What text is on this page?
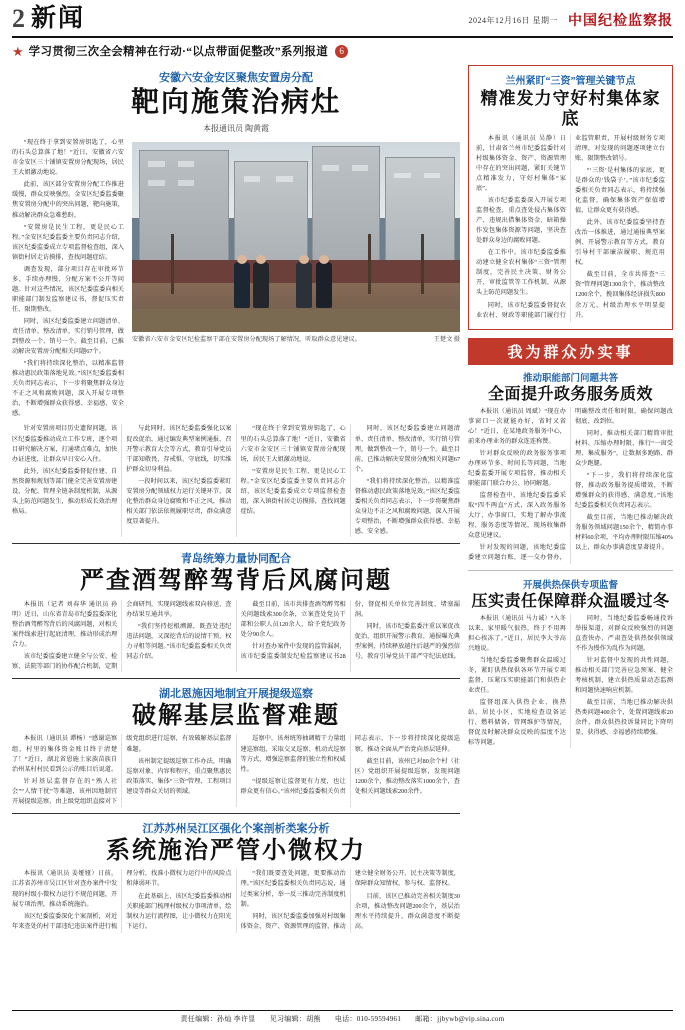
2 新闻	2024年12月16日 星期一 中国纪检监察报
★ 学习贯彻三次全会精神在行动·“以点带面促整改”系列报道	6
安徽六安金安区聚焦安置房分配
靶向施策治病灶
本报通讯员 陶黄霞

“现在终于拿到安置房钥匙了，心里的石头总算落了地！”近日，安徽省六安市金安区三十铺镇安置房分配现场，居民王大姐激动地说。

此前，该区部分安置房分配工作推进缓慢，群众反映强烈。金安区纪委监委聚焦安置房分配中的突出问题，靶向施策，推动解决群众急难愁盼。

“安置房是民生工程，更是民心工程。”金安区纪委监委主要负责同志介绍，该区纪委监委成立专项监督检查组，深入镇街村居走访摸排，查找问题症结。

调查发现，部分项目存在审批环节多、手续办理慢、分配方案不公开等问题。针对这些情况，该区纪委监委向相关职能部门制发监察建议书，督促压实责任、限期整改。

同时，该区纪委监委建立问题清单、责任清单、整改清单，实行销号管理，做到整改一个、销号一个。截至目前，已推动解决安置房分配相关问题67个。

“我们将持续深化整治，以精准监督推动惠民政策落地见效。”该区纪委监委相关负责同志表示，下一步将聚焦群众身边不正之风和腐败问题，深入开展专项整治，不断增强群众获得感、幸福感、安全感。

安徽省六安市金安区纪检监察干部在安置房分配现场了解情况，听取群众意见建议。	王楚文 摄

针对安置房项目历史遗留问题，该区纪委监委推动成立工作专班，逐个项目研究解决方案，打通堵点难点，加快办证进度，让群众早日安心入住。

此外，该区纪委监委督促住建、自然资源和规划等部门健全完善安置房建设、分配、管理全链条制度机制，从源头上防范问题发生，推动形成长效治理格局。

与此同时，该区纪委监委强化以案促改促治，通过编发典型案例通报、召开警示教育大会等方式，教育引导党员干部知敬畏、存戒惧、守底线，切实维护群众切身利益。

一段时间以来，该区纪委监委紧盯安置房分配领域权力运行关键环节，深化整治群众身边腐败和不正之风，推动相关部门依法依规履职尽责，群众满意度显著提升。

“现在终于拿到安置房钥匙了，心里的石头总算落了地！”近日，安徽省六安市金安区三十铺镇安置房分配现场，居民王大姐激动地说。

“安置房是民生工程，更是民心工程。”金安区纪委监委主要负责同志介绍，该区纪委监委成立专项监督检查组，深入镇街村居走访摸排，查找问题症结。

同时，该区纪委监委建立问题清单、责任清单、整改清单，实行销号管理，做到整改一个、销号一个。截至目前，已推动解决安置房分配相关问题67个。

“我们将持续深化整治，以精准监督推动惠民政策落地见效。”该区纪委监委相关负责同志表示，下一步将聚焦群众身边不正之风和腐败问题，深入开展专项整治，不断增强群众获得感、幸福感、安全感。

青岛统筹力量协同配合
严查酒驾醉驾背后风腐问题

本报讯（记者 刘春华 通讯员 孙明）近日，山东省青岛市纪委监委深化整治酒驾醉驾背后的风腐问题，对相关案件线索进行起底清理，推动形成治理合力。

该市纪委监委建立健全与公安、检察、法院等部门的协作配合机制，定期会商研判，实现问题线索双向移送、查办结果互通共享。

“我们坚持挖根溯源，既查处违纪违法问题，又深挖背后的说情干预、权力寻租等问题。”该市纪委监委相关负责同志介绍。

截至目前，该市共排查酒驾醉驾相关问题线索300余条，立案查处党员干部和公职人员120余人，给予党纪政务处分90余人。

针对查办案件中发现的监管漏洞，该市纪委监委制发纪检监察建议书28份，督促相关单位完善制度、堵塞漏洞。

同时，该市纪委监委注重以案促改促治，组织开展警示教育，通报曝光典型案例，持续释放越往后越严的强烈信号，教育引导党员干部严守纪法底线。

湖北恩施因地制宜开展提级巡察
破解基层监督难题

本报讯（通讯员 谭杨）“感谢巡察组，村里的集体资金账目终于清楚了！”近日，湖北省恩施土家族苗族自治州某村村民看到公示的账目后说道。

针对基层监督存在的“熟人社会”“人情干扰”等难题，该州因地制宜开展提级巡察，由上级党组织直接对下级党组织进行巡察，有效破解基层监督难题。

该州制定提级巡察工作办法，明确巡察对象、内容和程序，重点聚焦惠民政策落实、集体“三资”管理、工程项目建设等群众关切的领域。

巡察中，该州统筹抽调精干力量组建巡察组，采取交叉巡察、机动式巡察等方式，增强巡察监督的独立性和权威性。

“提级巡察让监督更有力度，也让群众更有信心。”该州纪委监委相关负责同志表示，下一步将持续深化提级巡察，推动全面从严治党向基层延伸。

截至目前，该州已对80余个村（社区）党组织开展提级巡察，发现问题1200余个，推动整改落实1000余个，查处相关问题线索200余件。

江苏苏州吴江区强化个案剖析类案分析
系统施治严管小微权力

本报讯（通讯员 姜娅娅）日前，江苏省苏州市吴江区针对查办案件中发现的村级小微权力运行不规范问题，开展专项治理，推动系统施治。

该区纪委监委深化个案剖析，对近年来查处的村干部违纪违法案件进行梳理分析，找准小微权力运行中的风险点和薄弱环节。

在此基础上，该区纪委监委推动相关职能部门梳理村级权力事项清单，绘制权力运行流程图，让小微权力在阳光下运行。

“我们既要查处问题，更要推动治理。”该区纪委监委相关负责同志说，通过类案分析，举一反三推动完善制度机制。

同时，该区纪委监委加强对村级集体资金、资产、资源管理的监督，推动建立健全财务公开、民主决策等制度，保障群众知情权、参与权、监督权。

目前，该区已推动完善相关制度30余项，推动整改问题200余个，基层治理水平持续提升，群众满意度不断提高。

兰州紧盯“三资”管理关键节点
精准发力守好村集体家底

本报讯（通讯员 吴静）日前，甘肃省兰州市纪委监委针对村级集体资金、资产、资源管理中存在的突出问题，紧盯关键节点精准发力，守好村集体“家底”。

该市纪委监委深入开展专项监督检查，重点查处侵占集体资产、违规出借集体资金、暗箱操作发包集体资源等问题，坚决查处群众身边的腐败问题。

在工作中，该市纪委监委推动建立健全农村集体“三资”管理制度，完善民主决策、财务公开、审批监管等工作机制，从源头上防范问题发生。

同时，该市纪委监委督促农业农村、财政等职能部门履行行业监管职责，开展村级财务专项清理，对发现的问题逐项建立台账、限期整改销号。

“‘三资’是村集体的家底，更是群众的‘钱袋子’。”该市纪委监委相关负责同志表示，将持续强化监督，确保集体资产保值增值，让群众更有获得感。

此外，该市纪委监委坚持查改治一体推进，通过通报典型案例、开展警示教育等方式，教育引导村干部廉洁履职、规范用权。

截至目前，全市共排查“三资”管理问题1300余个，推动整改1200余个，挽回集体经济损失800余万元，村级治理水平明显提升。

我为群众办实事
推动职能部门问题共答
全面提升政务服务质效

本报讯（通讯员 周斌）“现在办事窗口一次就能办好，省时又省心！”近日，在某地政务服务中心，前来办理业务的群众连连称赞。

针对群众反映的政务服务事项办理环节多、时间长等问题，当地纪委监委开展专项监督，推动相关职能部门联合办公、协同解题。

监督检查中，该地纪委监委采取“四不两直”方式，深入政务服务大厅、办事窗口，实地了解办事流程、服务态度等情况，现场收集群众意见建议。

针对发现的问题，该地纪委监委建立问题台账，逐一交办督办，明确整改责任和时限，确保问题改彻底、改到位。

同时，推动相关部门精简审批材料、压缩办理时限、推行“一窗受理、集成服务”，让数据多跑路、群众少跑腿。

“下一步，我们将持续深化监督，推动政务服务提质增效，不断增强群众的获得感、满意度。”该地纪委监委相关负责同志表示。

截至目前，当地已推动解决政务服务领域问题150余个，精简办事材料60余项，平均办理时限压缩40%以上，群众办事满意度显著提升。

开展供热保供专项监督
压实责任保障群众温暖过冬

本报讯（通讯员 马力诚）“入冬以来，家里暖气很热，终于不用再担心挨冻了。”近日，居民李大爷高兴地说。

当地纪委监委聚焦群众温暖过冬，紧盯供热保供各环节开展专项监督，压紧压实职能部门和供热企业责任。

监督组深入供热企业、换热站、居民小区，实地检查设备运行、燃料储备、管网维护等情况，督促及时解决群众反映的温度不达标等问题。

同时，当地纪委监委畅通投诉举报渠道，对群众反映强烈的问题直查快办，严肃查处供热保供领域不作为慢作为乱作为问题。

针对监督中发现的共性问题，推动相关部门完善应急预案、健全考核机制，建立供热质量动态监测和问题快速响应机制。

截至目前，当地已推动解决供热类问题400余个，处置问题线索20余件，群众供热投诉量同比下降明显，获得感、幸福感持续增强。

责任编辑：孙灿 李许显 见习编辑：胡熊 电话：010-59594961 邮箱：jjbywb@vip.sina.com
